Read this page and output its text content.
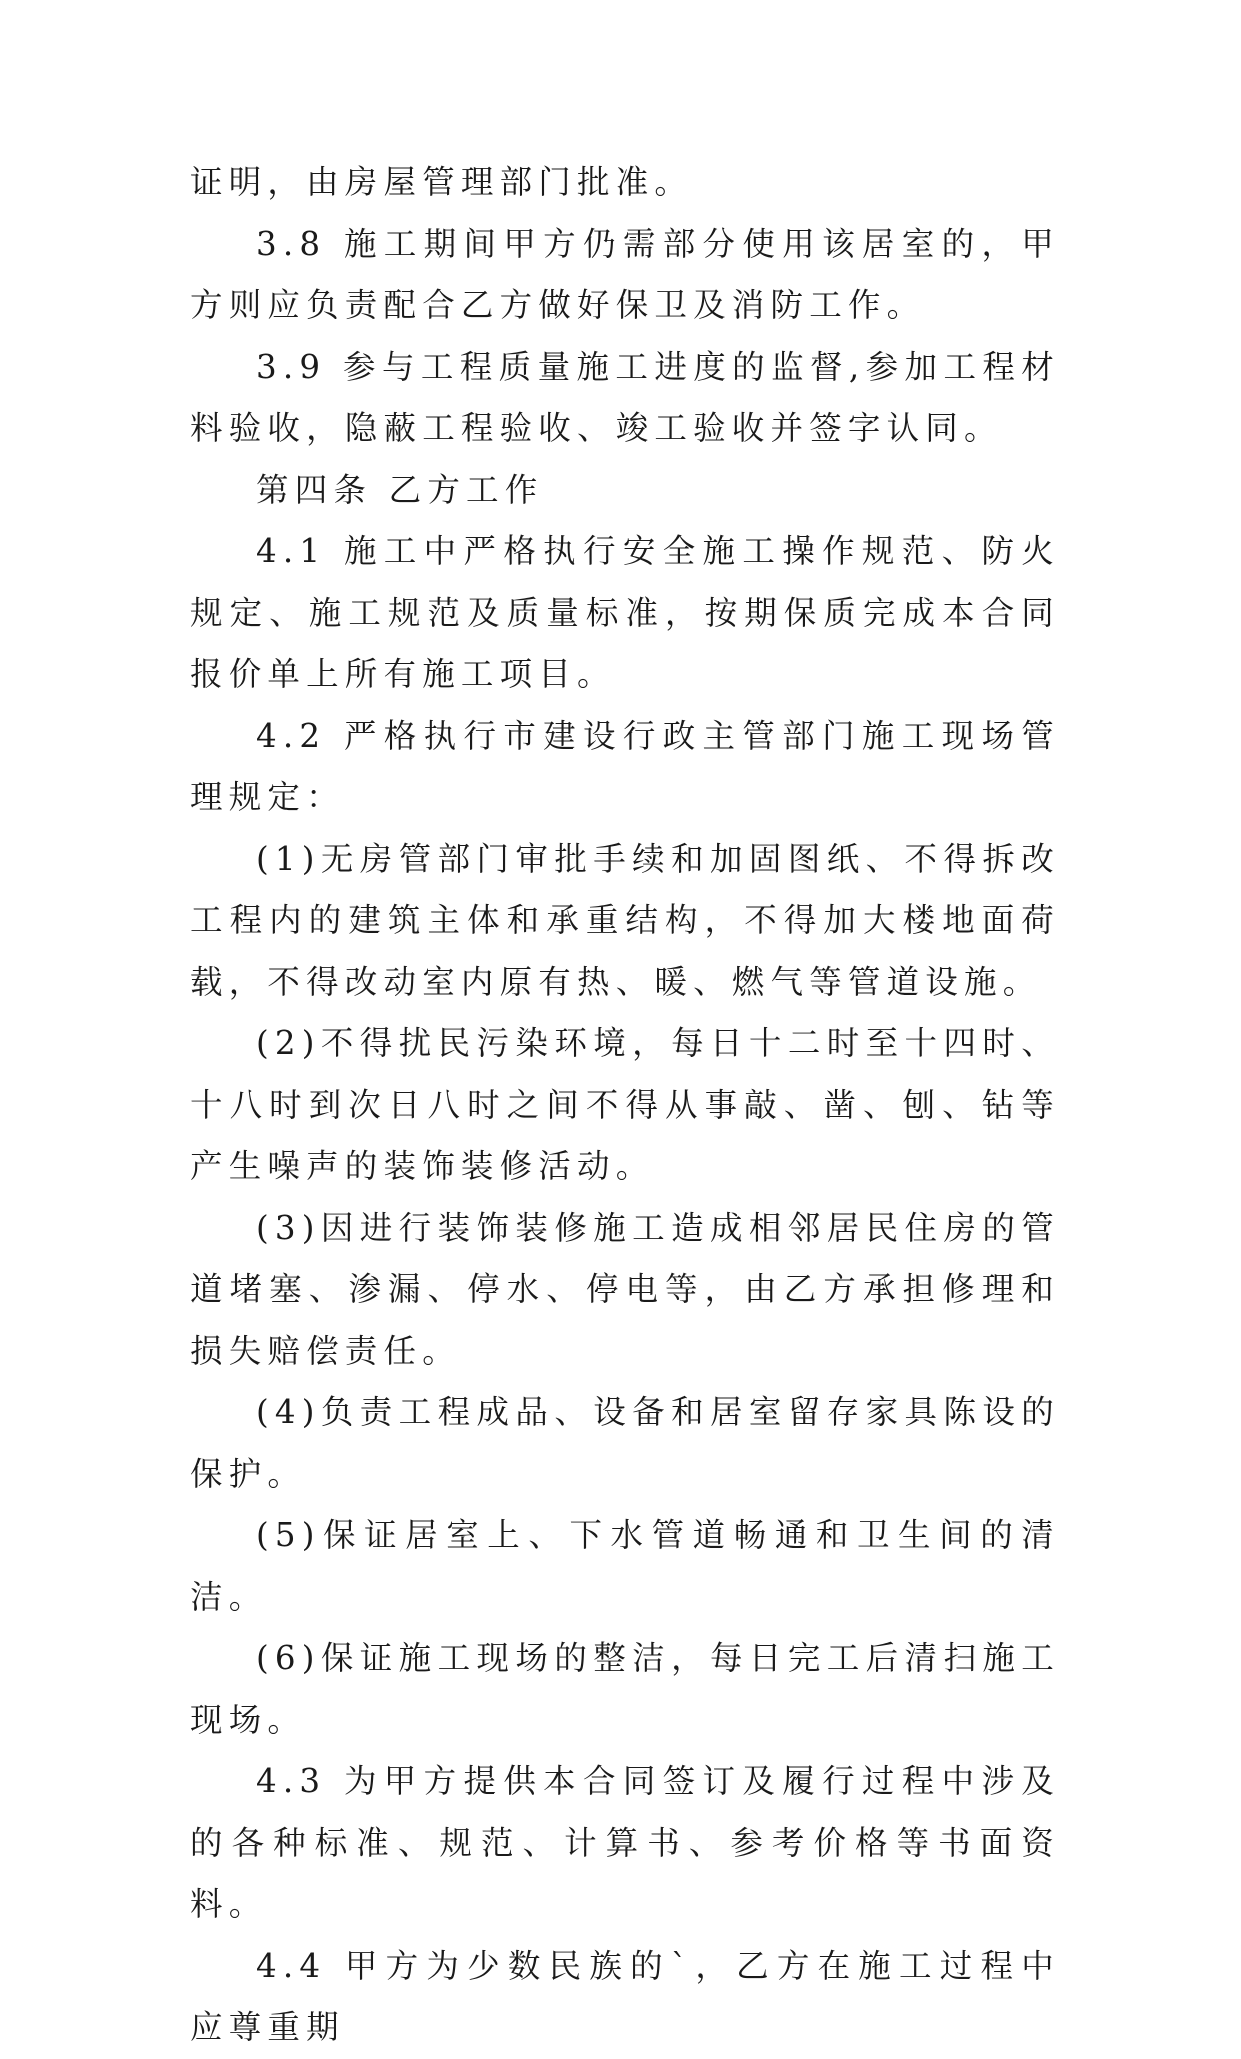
证明，由房屋管理部门批准。

3.8 施工期间甲方仍需部分使用该居室的，甲方则应负责配合乙方做好保卫及消防工作。

3.9 参与工程质量施工进度的监督,参加工程材料验收，隐蔽工程验收、竣工验收并签字认同。

第四条 乙方工作

4.1 施工中严格执行安全施工操作规范、防火规定、施工规范及质量标准，按期保质完成本合同报价单上所有施工项目。

4.2 严格执行市建设行政主管部门施工现场管理规定：

(1)无房管部门审批手续和加固图纸、不得拆改工程内的建筑主体和承重结构，不得加大楼地面荷载，不得改动室内原有热、暖、燃气等管道设施。

(2)不得扰民污染环境，每日十二时至十四时、十八时到次日八时之间不得从事敲、凿、刨、钻等产生噪声的装饰装修活动。

(3)因进行装饰装修施工造成相邻居民住房的管道堵塞、渗漏、停水、停电等，由乙方承担修理和损失赔偿责任。

(4)负责工程成品、设备和居室留存家具陈设的保护。

(5)保证居室上、下水管道畅通和卫生间的清洁。

(6)保证施工现场的整洁，每日完工后清扫施工现场。

4.3 为甲方提供本合同签订及履行过程中涉及的各种标准、规范、计算书、参考价格等书面资料。

4.4 甲方为少数民族的`，乙方在施工过程中应尊重期
